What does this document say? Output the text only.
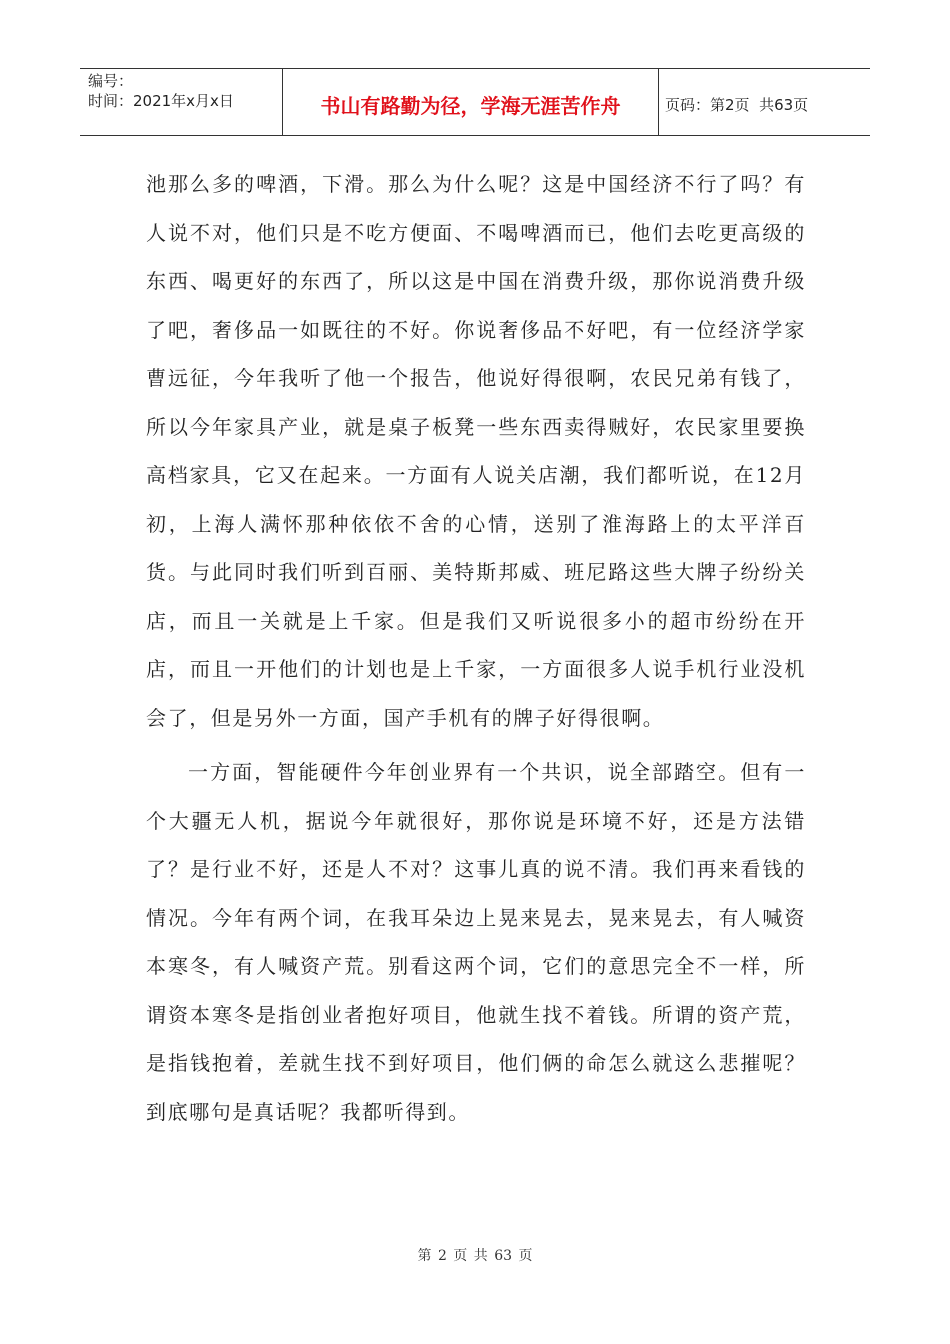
编号：
时间：2021年x月x日	书山有路勤为径，学海无涯苦作舟	页码：第2页  共63页

池那么多的啤酒，下滑。那么为什么呢？这是中国经济不行了吗？有人说不对，他们只是不吃方便面、不喝啤酒而已，他们去吃更高级的东西、喝更好的东西了，所以这是中国在消费升级，那你说消费升级了吧，奢侈品一如既往的不好。你说奢侈品不好吧，有一位经济学家曹远征，今年我听了他一个报告，他说好得很啊，农民兄弟有钱了，所以今年家具产业，就是桌子板凳一些东西卖得贼好，农民家里要换高档家具，它又在起来。一方面有人说关店潮，我们都听说，在12月初，上海人满怀那种依依不舍的心情，送别了淮海路上的太平洋百货。与此同时我们听到百丽、美特斯邦威、班尼路这些大牌子纷纷关店，而且一关就是上千家。但是我们又听说很多小的超市纷纷在开店，而且一开他们的计划也是上千家，一方面很多人说手机行业没机会了，但是另外一方面，国产手机有的牌子好得很啊。

一方面，智能硬件今年创业界有一个共识，说全部踏空。但有一个大疆无人机，据说今年就很好，那你说是环境不好，还是方法错了？是行业不好，还是人不对？这事儿真的说不清。我们再来看钱的情况。今年有两个词，在我耳朵边上晃来晃去，晃来晃去，有人喊资本寒冬，有人喊资产荒。别看这两个词，它们的意思完全不一样，所谓资本寒冬是指创业者抱好项目，他就生找不着钱。所谓的资产荒，是指钱抱着，差就生找不到好项目，他们俩的命怎么就这么悲摧呢？到底哪句是真话呢？我都听得到。

第 2 页 共 63 页
